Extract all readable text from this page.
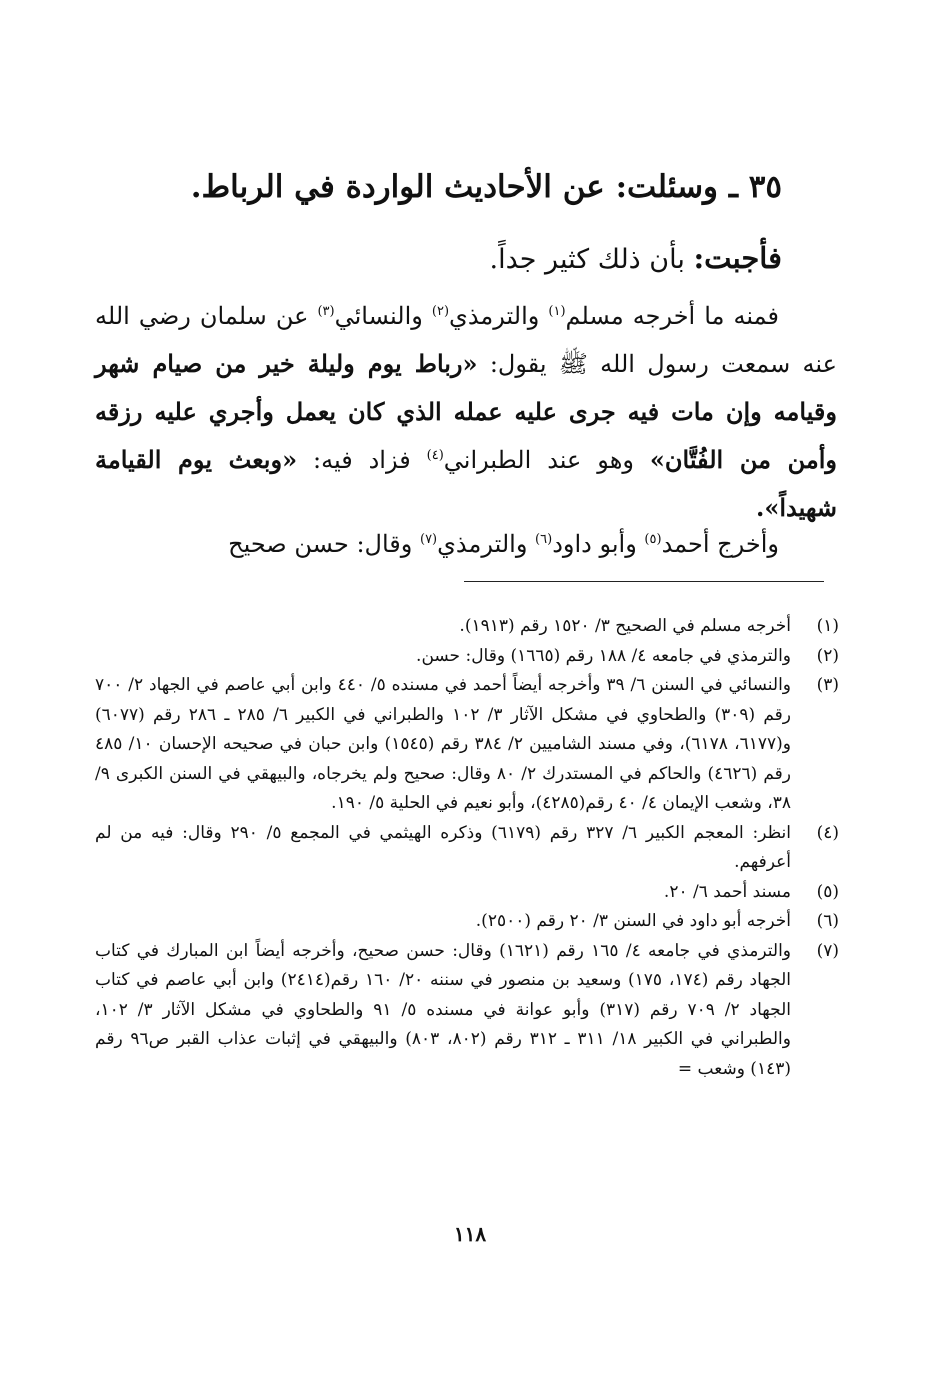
٣٥ ـ وسئلت: عن الأحاديث الواردة في الرباط.
فأجبت: بأن ذلك كثير جداً.
فمنه ما أخرجه مسلم$^{(١)}$ والترمذي$^{(٢)}$ والنسائي$^{(٣)}$ عن سلمان رضي الله عنه سمعت رسول الله ﷺ يقول: «رباط يوم وليلة خير من صيام شهر وقيامه وإن مات فيه جرى عليه عمله الذي كان يعمل وأجري عليه رزقه وأمن من الفُتَّان» وهو عند الطبراني$^{(٤)}$ فزاد فيه: «وبعث يوم القيامة شهيداً».
وأخرج أحمد$^{(٥)}$ وأبو داود$^{(٦)}$ والترمذي$^{(٧)}$ وقال: حسن صحيح
(١)
أخرجه مسلم في الصحيح ٣/ ١٥٢٠ رقم (١٩١٣).
(٢)
والترمذي في جامعه ٤/ ١٨٨ رقم (١٦٦٥) وقال: حسن.
(٣)
والنسائي في السنن ٦/ ٣٩ وأخرجه أيضاً أحمد في مسنده ٥/ ٤٤٠ وابن أبي عاصم في الجهاد ٢/ ٧٠٠ رقم (٣٠٩) والطحاوي في مشكل الآثار ٣/ ١٠٢ والطبراني في الكبير ٦/ ٢٨٥ ـ ٢٨٦ رقم (٦٠٧٧) و(٦١٧٧، ٦١٧٨)، وفي مسند الشاميين ٢/ ٣٨٤ رقم (١٥٤٥) وابن حبان في صحيحه الإحسان ١٠/ ٤٨٥ رقم (٤٦٢٦) والحاكم في المستدرك ٢/ ٨٠ وقال: صحيح ولم يخرجاه، والبيهقي في السنن الكبرى ٩/ ٣٨، وشعب الإيمان ٤/ ٤٠ رقم(٤٢٨٥)، وأبو نعيم في الحلية ٥/ ١٩٠.
(٤)
انظر: المعجم الكبير ٦/ ٣٢٧ رقم (٦١٧٩) وذكره الهيثمي في المجمع ٥/ ٢٩٠ وقال: فيه من لم أعرفهم.
(٥)
مسند أحمد ٦/ ٢٠.
(٦)
أخرجه أبو داود في السنن ٣/ ٢٠ رقم (٢٥٠٠).
(٧)
والترمذي في جامعه ٤/ ١٦٥ رقم (١٦٢١) وقال: حسن صحيح، وأخرجه أيضاً ابن المبارك في كتاب الجهاد رقم (١٧٤، ١٧٥) وسعيد بن منصور في سننه ٢٠/ ١٦٠ رقم(٢٤١٤) وابن أبي عاصم في كتاب الجهاد ٢/ ٧٠٩ رقم (٣١٧) وأبو عوانة في مسنده ٥/ ٩١ والطحاوي في مشكل الآثار ٣/ ١٠٢، والطبراني في الكبير ١٨/ ٣١١ ـ ٣١٢ رقم (٨٠٢، ٨٠٣) والبيهقي في إثبات عذاب القبر ص٩٦ رقم (١٤٣) وشعب =
١١٨
